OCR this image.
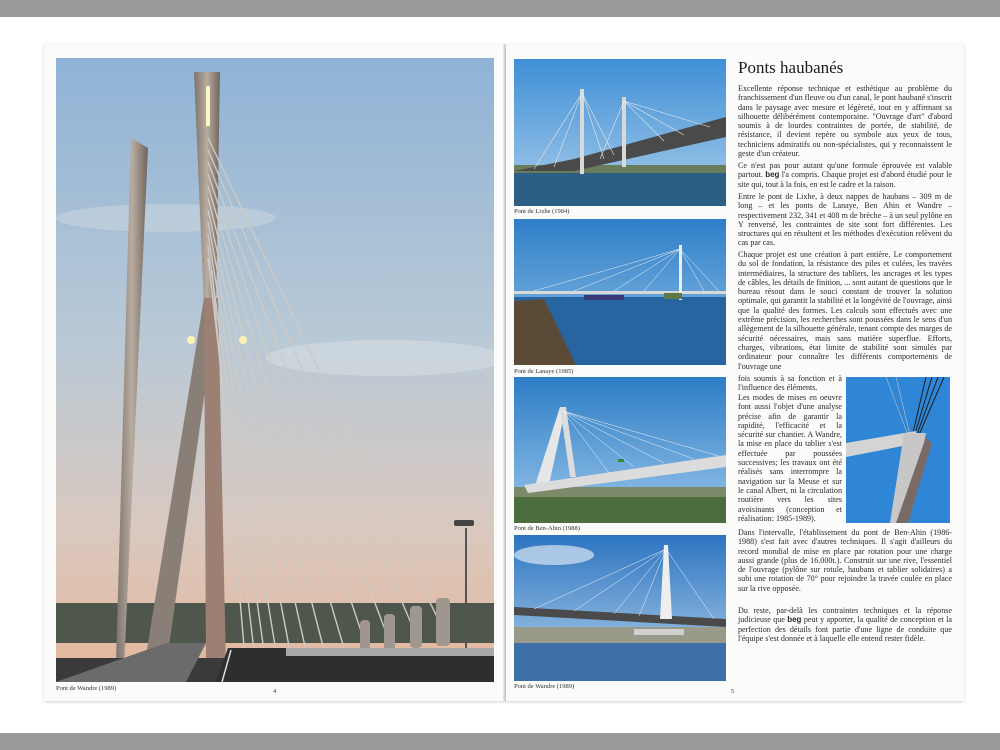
Pont de Wandre (1989)	4
Pont de Lixhe (1984)
Pont de Lanaye (1985)
Pont de Ben-Ahin (1988)
Pont de Wandre (1989)
Ponts haubanés
Excellente réponse technique et esthétique au problème du franchissement d'un fleuve ou d'un canal, le pont haubané s'inscrit dans le paysage avec mesure et légèreté, tout en y affirmant sa silhouette délibérément contemporaine. "Ouvrage d'art" d'abord soumis à de lourdes contraintes de portée, de stabilité, de résistance, il devient repère ou symbole aux yeux de tous, techniciens admiratifs ou non-spécialistes, qui y reconnaissent le geste d'un créateur.
Ce n'est pas pour autant qu'une formule éprouvée est valable partout. beg l'a compris. Chaque projet est d'abord étudié pour le site qui, tout à la fois, en est le cadre et la raison.
Entre le pont de Lixhe, à deux nappes de haubans – 309 m de long – et les ponts de Lanaye, Ben Ahin et Wandre – respectivement 232, 341 et 408 m de brèche – à un seul pylône en Y renversé, les contraintes de site sont fort différentes. Les structures qui en résultent et les méthodes d'exécution relèvent du cas par cas.
Chaque projet est une création à part entière. Le comportement du sol de fondation, la résistance des piles et culées, les travées intermédiaires, la structure des tabliers, les ancrages et les types de câbles, les détails de finition, ... sont autant de questions que le bureau résout dans le souci constant de trouver la solution optimale, qui garantit la stabilité et la longévité de l'ouvrage, ainsi que la qualité des formes. Les calculs sont effectués avec une extrême précision, les recherches sont poussées dans le sens d'un allègement de la silhouette générale, tenant compte des marges de sécurité nécessaires, mais sans matière superflue. Efforts, charges, vibrations, état limite de stabilité sont simulés par ordinateur pour connaître les différents comportements de l'ouvrage une
fois soumis à sa fonction et à l'influence des éléments.
Les modes de mises en oeuvre font aussi l'objet d'une analyse précise afin de garantir la rapidité, l'efficacité et la sécurité sur chantier. A Wandre, la mise en place du tablier s'est effectuée par poussées successives; les travaux ont été réalisés sans interrompre la navigation sur la Meuse et sur le canal Albert, ni la circulation routière vers les sites avoisinants (conception et réalisation: 1985-1989).
Dans l'intervalle, l'établissement du pont de Ben-Ahin (1986-1988) s'est fait avec d'autres techniques. Il s'agit d'ailleurs du record mondial de mise en place par rotation pour une charge aussi grande (plus de 16.000t.). Construit sur une rive, l'essentiel de l'ouvrage (pylône sur rotule, haubans et tablier solidaires) a subi une rotation de 70° pour rejoindre la travée coulée en place sur la rive opposée.
Du reste, par-delà les contraintes techniques et la réponse judicieuse que beg peut y apporter, la qualité de conception et la perfection des détails font partie d'une ligne de conduite que l'équipe s'est donnée et à laquelle elle entend rester fidèle.
5
